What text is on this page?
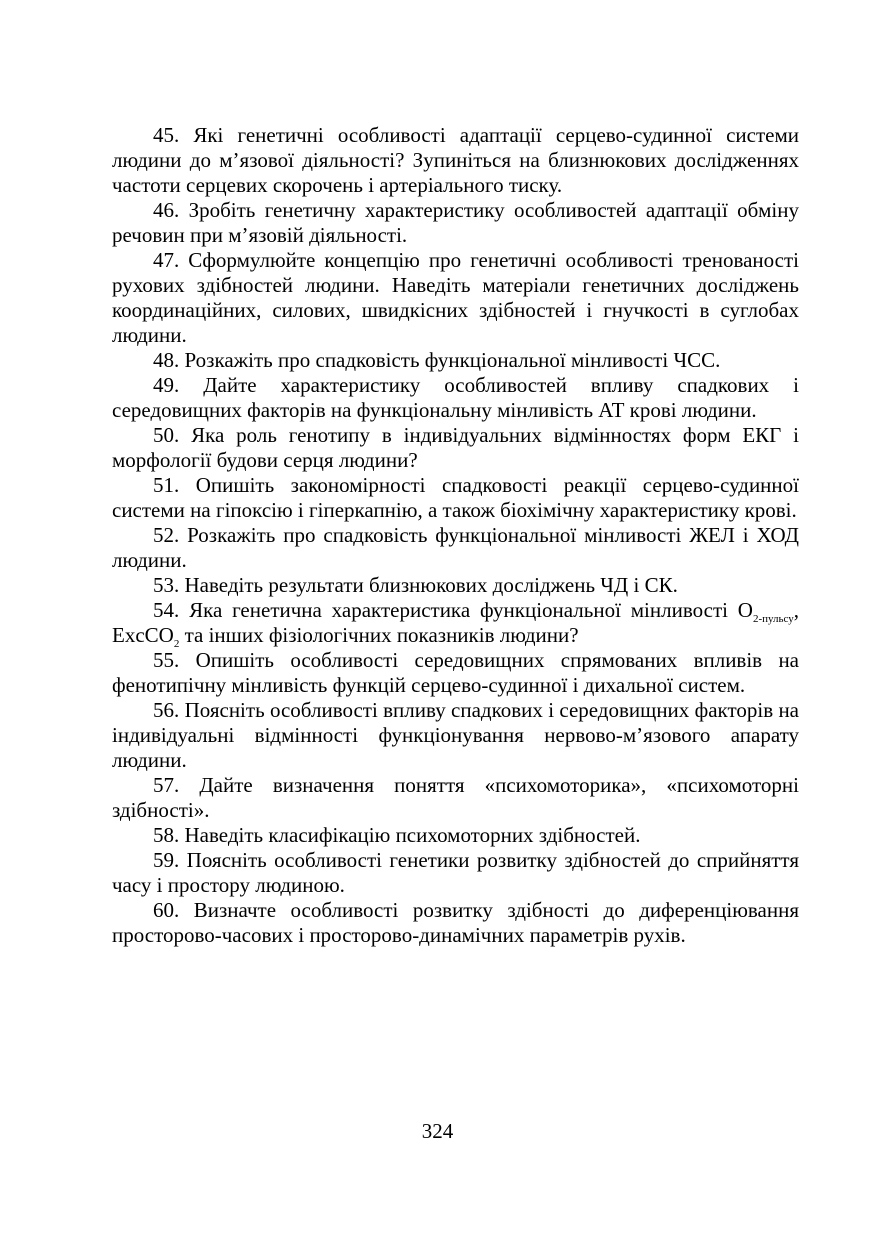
45. Які генетичні особливості адаптації серцево-судинної системи людини до м’язової діяльності? Зупиніться на близнюкових дослідженнях частоти серцевих скорочень і артеріального тиску.

46. Зробіть генетичну характеристику особливостей адаптації обміну речовин при м’язовій діяльності.

47. Сформулюйте концепцію про генетичні особливості тренованості рухових здібностей людини. Наведіть матеріали генетичних досліджень координаційних, силових, швидкісних здібностей і гнучкості в суглобах людини.

48. Розкажіть про спадковість функціональної мінливості ЧСС.

49. Дайте характеристику особливостей впливу спадкових і середовищних факторів на функціональну мінливість АТ крові людини.

50. Яка роль генотипу в індивідуальних відмінностях форм ЕКГ і морфології будови серця людини?

51. Опишіть закономірності спадковості реакції серцево-судинної системи на гіпоксію і гіперкапнію, а також біохімічну характеристику крові.

52. Розкажіть про спадковість функціональної мінливості ЖЕЛ і ХОД людини.

53. Наведіть результати близнюкових досліджень ЧД і СК.

54. Яка генетична характеристика функціональної мінливості $О_{2-пульсу}$, ЕxcCO$_2$ та інших фізіологічних показників людини?

55. Опишіть особливості середовищних спрямованих впливів на фенотипічну мінливість функцій серцево-судинної і дихальної систем.

56. Поясніть особливості впливу спадкових і середовищних факторів на індивідуальні відмінності функціонування нервово-м’язового апарату людини.

57. Дайте визначення поняття «психомоторика», «психомоторні здібності».

58. Наведіть класифікацію психомоторних здібностей.

59. Поясніть особливості генетики розвитку здібностей до сприйняття часу і простору людиною.

60. Визначте особливості розвитку здібності до диференціювання просторово-часових і просторово-динамічних параметрів рухів.

324
